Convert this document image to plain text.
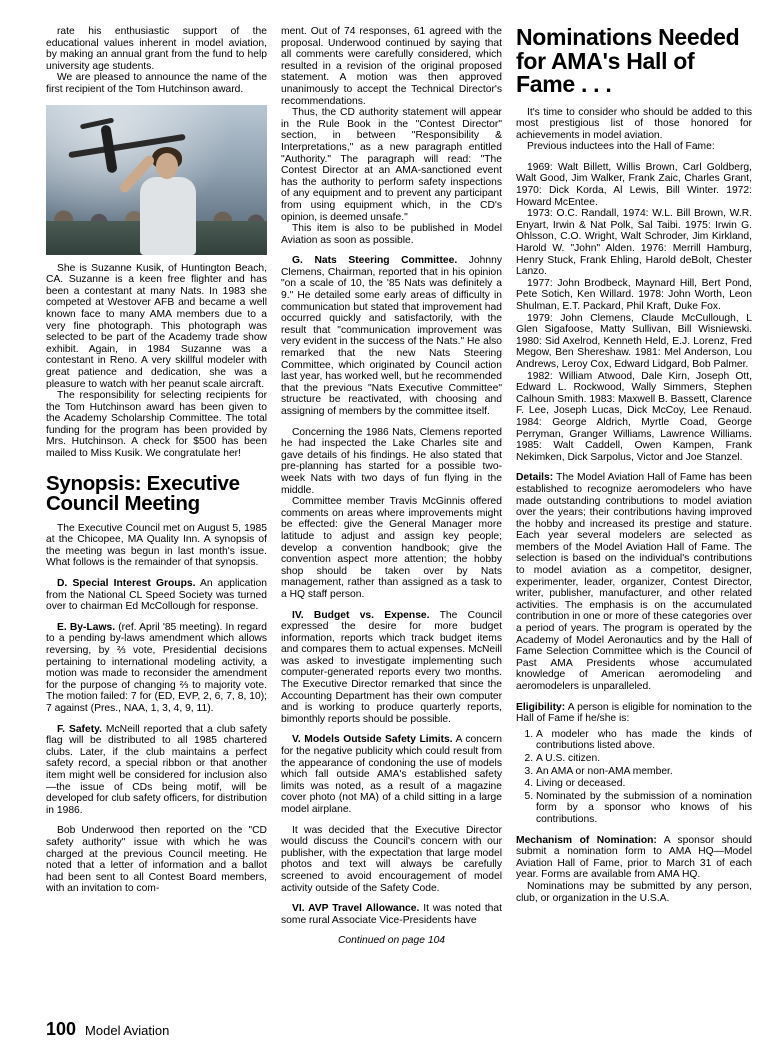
rate his enthusiastic support of the educational values inherent in model aviation, by making an annual grant from the fund to help university age students.

We are pleased to announce the name of the first recipient of the Tom Hutchinson award.

She is Suzanne Kusik, of Huntington Beach, CA. Suzanne is a keen free flighter and has been a contestant at many Nats. In 1983 she competed at Westover AFB and became a well known face to many AMA members due to a very fine photograph. This photograph was selected to be part of the Academy trade show exhibit. Again, in 1984 Suzanne was a contestant in Reno. A very skillful modeler with great patience and dedication, she was a pleasure to watch with her peanut scale aircraft.

The responsibility for selecting recipients for the Tom Hutchinson award has been given to the Academy Scholarship Committee. The total funding for the program has been provided by Mrs. Hutchinson. A check for $500 has been mailed to Miss Kusik. We congratulate her!

Synopsis: Executive Council Meeting

The Executive Council met on August 5, 1985 at the Chicopee, MA Quality Inn. A synopsis of the meeting was begun in last month's issue. What follows is the remainder of that synopsis.

D. Special Interest Groups. An application from the National CL Speed Society was turned over to chairman Ed McCollough for response.

E. By-Laws. (ref. April '85 meeting). In regard to a pending by-laws amendment which allows reversing, by ⅔ vote, Presidential decisions pertaining to international modeling activity, a motion was made to reconsider the amendment for the purpose of changing ⅔ to majority vote. The motion failed: 7 for (ED, EVP, 2, 6, 7, 8, 10); 7 against (Pres., NAA, 1, 3, 4, 9, 11).

F. Safety. McNeill reported that a club safety flag will be distributed to all 1985 chartered clubs. Later, if the club maintains a perfect safety record, a special ribbon or that another item might well be considered for inclusion also—the issue of CDs being motif, will be developed for club safety officers, for distribution in 1986.

Bob Underwood then reported on the "CD safety authority" issue with which he was charged at the previous Council meeting. He noted that a letter of information and a ballot had been sent to all Contest Board members, with an invitation to com-

ment. Out of 74 responses, 61 agreed with the proposal. Underwood continued by saying that all comments were carefully considered, which resulted in a revision of the original proposed statement. A motion was then approved unanimously to accept the Technical Director's recommendations.

Thus, the CD authority statement will appear in the Rule Book in the "Contest Director" section, in between "Responsibility & Interpretations," as a new paragraph entitled "Authority." The paragraph will read: "The Contest Director at an AMA-sanctioned event has the authority to perform safety inspections of any equipment and to prevent any participant from using equipment which, in the CD's opinion, is deemed unsafe."

This item is also to be published in Model Aviation as soon as possible.

G. Nats Steering Committee. Johnny Clemens, Chairman, reported that in his opinion "on a scale of 10, the '85 Nats was definitely a 9." He detailed some early areas of difficulty in communication but stated that improvement had occurred quickly and satisfactorily, with the result that "communication improvement was very evident in the success of the Nats." He also remarked that the new Nats Steering Committee, which originated by Council action last year, has worked well, but he recommended that the previous "Nats Executive Committee" structure be reactivated, with choosing and assigning of members by the committee itself.

Concerning the 1986 Nats, Clemens reported he had inspected the Lake Charles site and gave details of his findings. He also stated that pre-planning has started for a possible two-week Nats with two days of fun flying in the middle.

Committee member Travis McGinnis offered comments on areas where improvements might be effected: give the General Manager more latitude to adjust and assign key people; develop a convention handbook; give the convention aspect more attention; the hobby shop should be taken over by Nats management, rather than assigned as a task to a HQ staff person.

IV. Budget vs. Expense. The Council expressed the desire for more budget information, reports which track budget items and compares them to actual expenses. McNeill was asked to investigate implementing such computer-generated reports every two months. The Executive Director remarked that since the Accounting Department has their own computer and is working to produce quarterly reports, bimonthly reports should be possible.

V. Models Outside Safety Limits. A concern for the negative publicity which could result from the appearance of condoning the use of models which fall outside AMA's established safety limits was noted, as a result of a magazine cover photo (not MA) of a child sitting in a large model airplane.

It was decided that the Executive Director would discuss the Council's concern with our publisher, with the expectation that large model photos and text will always be carefully screened to avoid encouragement of model activity outside of the Safety Code.

VI. AVP Travel Allowance. It was noted that some rural Associate Vice-Presidents have

Continued on page 104

Nominations Needed for AMA's Hall of Fame . . .

It's time to consider who should be added to this most prestigious list of those honored for achievements in model aviation.

Previous inductees into the Hall of Fame:

1969: Walt Billett, Willis Brown, Carl Goldberg, Walt Good, Jim Walker, Frank Zaic, Charles Grant, 1970: Dick Korda, Al Lewis, Bill Winter. 1972: Howard McEntee.

1973: O.C. Randall, 1974: W.L. Bill Brown, W.R. Enyart, Irwin & Nat Polk, Sal Taibi. 1975: Irwin G. Ohlsson, C.O. Wright, Walt Schroder, Jim Kirkland, Harold W. "John" Alden. 1976: Merrill Hamburg, Henry Stuck, Frank Ehling, Harold deBolt, Chester Lanzo.

1977: John Brodbeck, Maynard Hill, Bert Pond, Pete Sotich, Ken Willard. 1978: John Worth, Leon Shulman, E.T. Packard, Phil Kraft, Duke Fox.

1979: John Clemens, Claude McCullough, L Glen Sigafoose, Matty Sullivan, Bill Wisniewski. 1980: Sid Axelrod, Kenneth Held, E.J. Lorenz, Fred Megow, Ben Shereshaw. 1981: Mel Anderson, Lou Andrews, Leroy Cox, Edward Lidgard, Bob Palmer.

1982: William Atwood, Dale Kirn, Joseph Ott, Edward L. Rockwood, Wally Simmers, Stephen Calhoun Smith. 1983: Maxwell B. Bassett, Clarence F. Lee, Joseph Lucas, Dick McCoy, Lee Renaud. 1984: George Aldrich, Myrtle Coad, George Perryman, Granger Williams, Lawrence Williams. 1985: Walt Caddell, Owen Kampen, Frank Nekimken, Dick Sarpolus, Victor and Joe Stanzel.

Details: The Model Aviation Hall of Fame has been established to recognize aeromodelers who have made outstanding contributions to model aviation over the years; their contributions having improved the hobby and increased its prestige and stature. Each year several modelers are selected as members of the Model Aviation Hall of Fame. The selection is based on the individual's contributions to model aviation as a competitor, designer, experimenter, leader, organizer, Contest Director, writer, publisher, manufacturer, and other related activities. The emphasis is on the accumulated contribution in one or more of these categories over a period of years. The program is operated by the Academy of Model Aeronautics and by the Hall of Fame Selection Committee which is the Council of Past AMA Presidents whose accumulated knowledge of American aeromodeling and aeromodelers is unparalleled.

Eligibility: A person is eligible for nomination to the Hall of Fame if he/she is:

1. A modeler who has made the kinds of contributions listed above.
2. A U.S. citizen.
3. An AMA or non-AMA member.
4. Living or deceased.
5. Nominated by the submission of a nomination form by a sponsor who knows of his contributions.

Mechanism of Nomination: A sponsor should submit a nomination form to AMA HQ—Model Aviation Hall of Fame, prior to March 31 of each year. Forms are available from AMA HQ.

Nominations may be submitted by any person, club, or organization in the U.S.A.

100 Model Aviation
